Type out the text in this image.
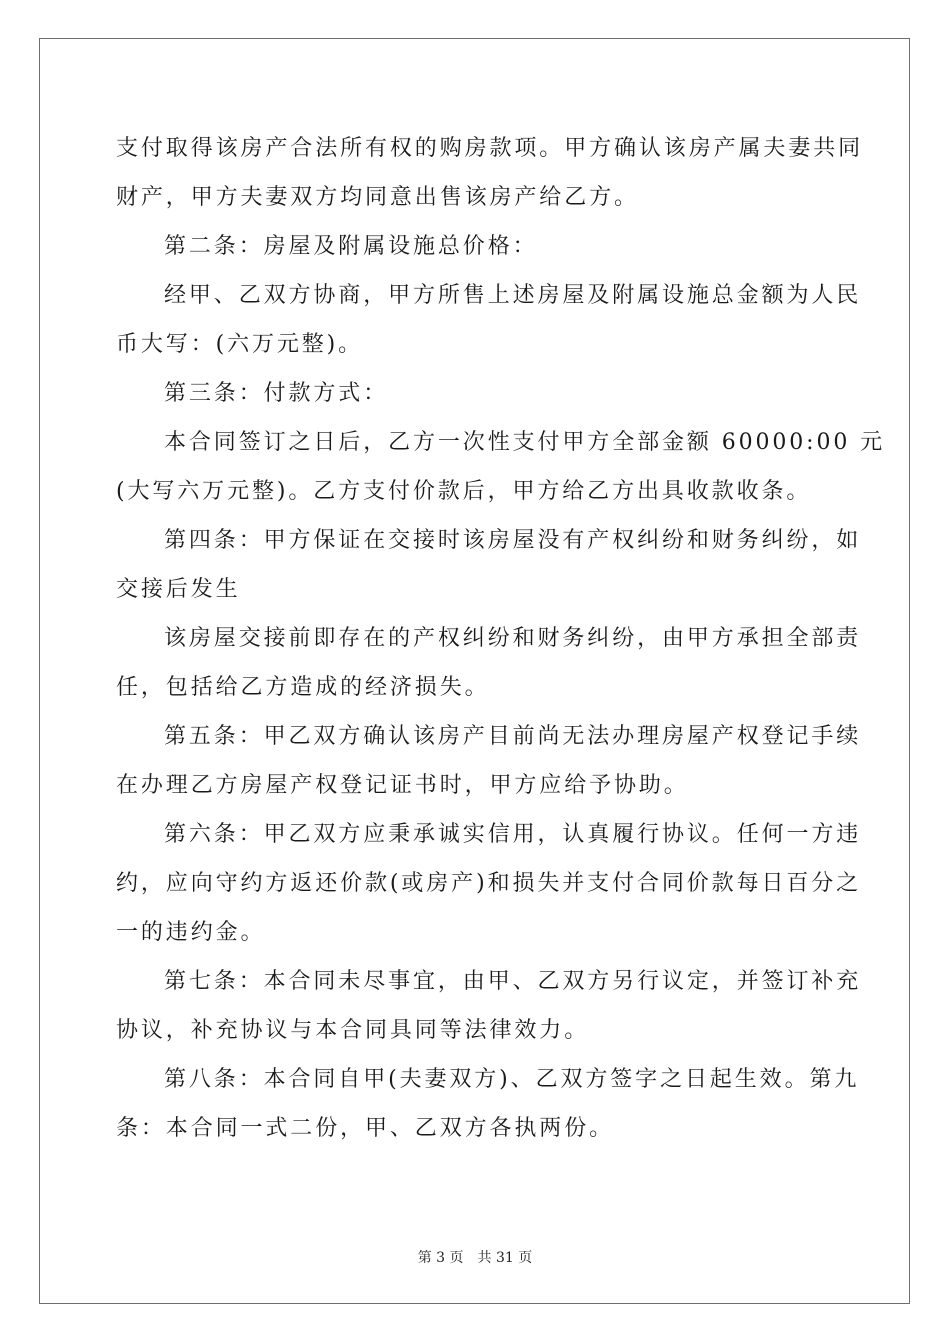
支付取得该房产合法所有权的购房款项。甲方确认该房产属夫妻共同
财产，甲方夫妻双方均同意出售该房产给乙方。
第二条：房屋及附属设施总价格：
经甲、乙双方协商，甲方所售上述房屋及附属设施总金额为人民
币大写：(六万元整)。
第三条：付款方式：
本合同签订之日后，乙方一次性支付甲方全部金额 60000:00 元
(大写六万元整)。乙方支付价款后，甲方给乙方出具收款收条。
第四条：甲方保证在交接时该房屋没有产权纠纷和财务纠纷，如
交接后发生
该房屋交接前即存在的产权纠纷和财务纠纷，由甲方承担全部责
任，包括给乙方造成的经济损失。
第五条：甲乙双方确认该房产目前尚无法办理房屋产权登记手续
在办理乙方房屋产权登记证书时，甲方应给予协助。
第六条：甲乙双方应秉承诚实信用，认真履行协议。任何一方违
约，应向守约方返还价款(或房产)和损失并支付合同价款每日百分之
一的违约金。
第七条：本合同未尽事宜，由甲、乙双方另行议定，并签订补充
协议，补充协议与本合同具同等法律效力。
第八条：本合同自甲(夫妻双方)、乙双方签字之日起生效。第九
条：本合同一式二份，甲、乙双方各执两份。
第 3 页 共 31 页
